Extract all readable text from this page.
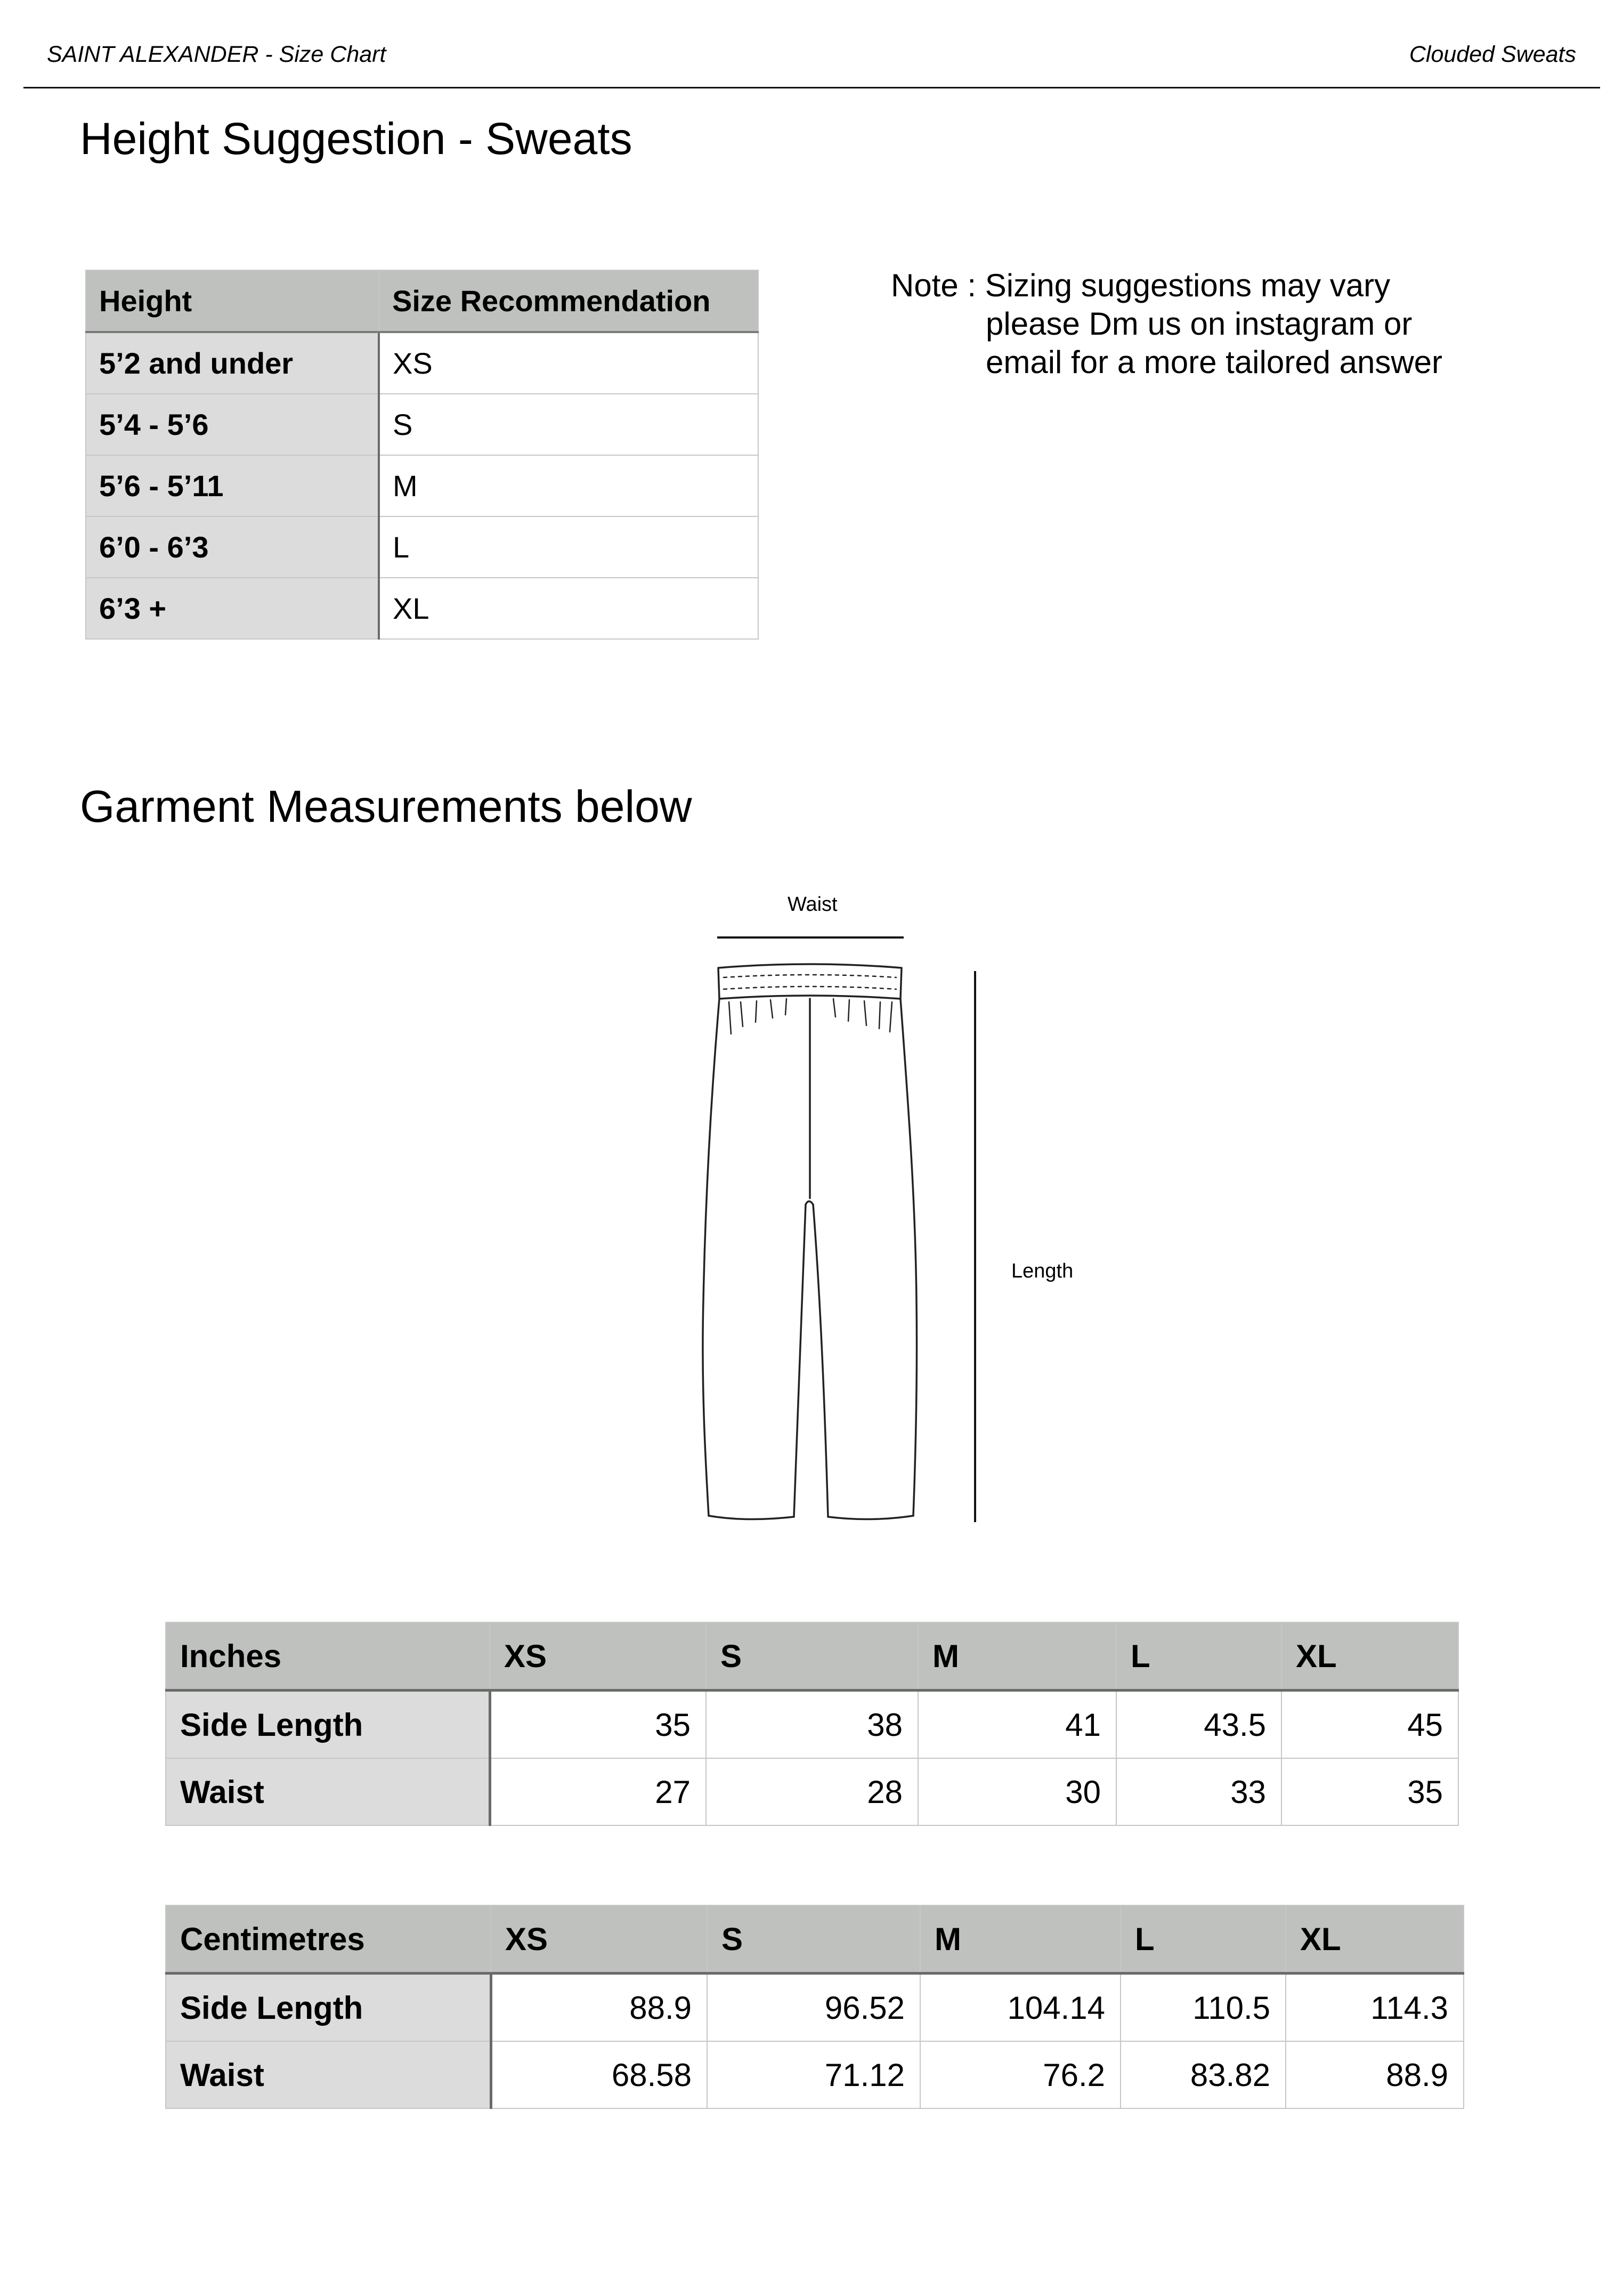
SAINT ALEXANDER - Size Chart	Clouded Sweats
Height Suggestion - Sweats
Height	Size Recommendation
5’2 and under	XS
5’4 - 5’6	S
5’6 - 5’11	M
6’0 - 6’3	L
6’3 +	XL
Note : Sizing suggestions may vary
please Dm us on instagram or
email for a more tailored answer
Garment Measurements below
Waist
Length
Inches	XS	S	M	L	XL
Side Length	35	38	41	43.5	45
Waist	27	28	30	33	35
Centimetres	XS	S	M	L	XL
Side Length	88.9	96.52	104.14	110.5	114.3
Waist	68.58	71.12	76.2	83.82	88.9
